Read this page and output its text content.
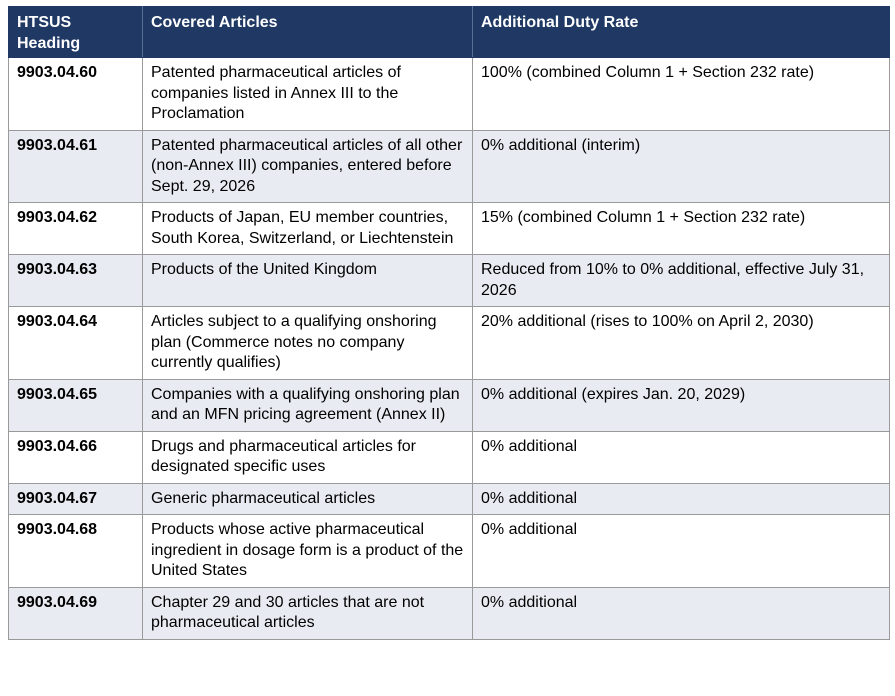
HTSUS Heading	Covered Articles	Additional Duty Rate
9903.04.60	Patented pharmaceutical articles of companies listed in Annex III to the Proclamation	100% (combined Column 1 + Section 232 rate)
9903.04.61	Patented pharmaceutical articles of all other (non-Annex III) companies, entered before Sept. 29, 2026	0% additional (interim)
9903.04.62	Products of Japan, EU member countries, South Korea, Switzerland, or Liechtenstein	15% (combined Column 1 + Section 232 rate)
9903.04.63	Products of the United Kingdom	Reduced from 10% to 0% additional, effective July 31, 2026
9903.04.64	Articles subject to a qualifying onshoring plan (Commerce notes no company currently qualifies)	20% additional (rises to 100% on April 2, 2030)
9903.04.65	Companies with a qualifying onshoring plan and an MFN pricing agreement (Annex II)	0% additional (expires Jan. 20, 2029)
9903.04.66	Drugs and pharmaceutical articles for designated specific uses	0% additional
9903.04.67	Generic pharmaceutical articles	0% additional
9903.04.68	Products whose active pharmaceutical ingredient in dosage form is a product of the United States	0% additional
9903.04.69	Chapter 29 and 30 articles that are not pharmaceutical articles	0% additional
